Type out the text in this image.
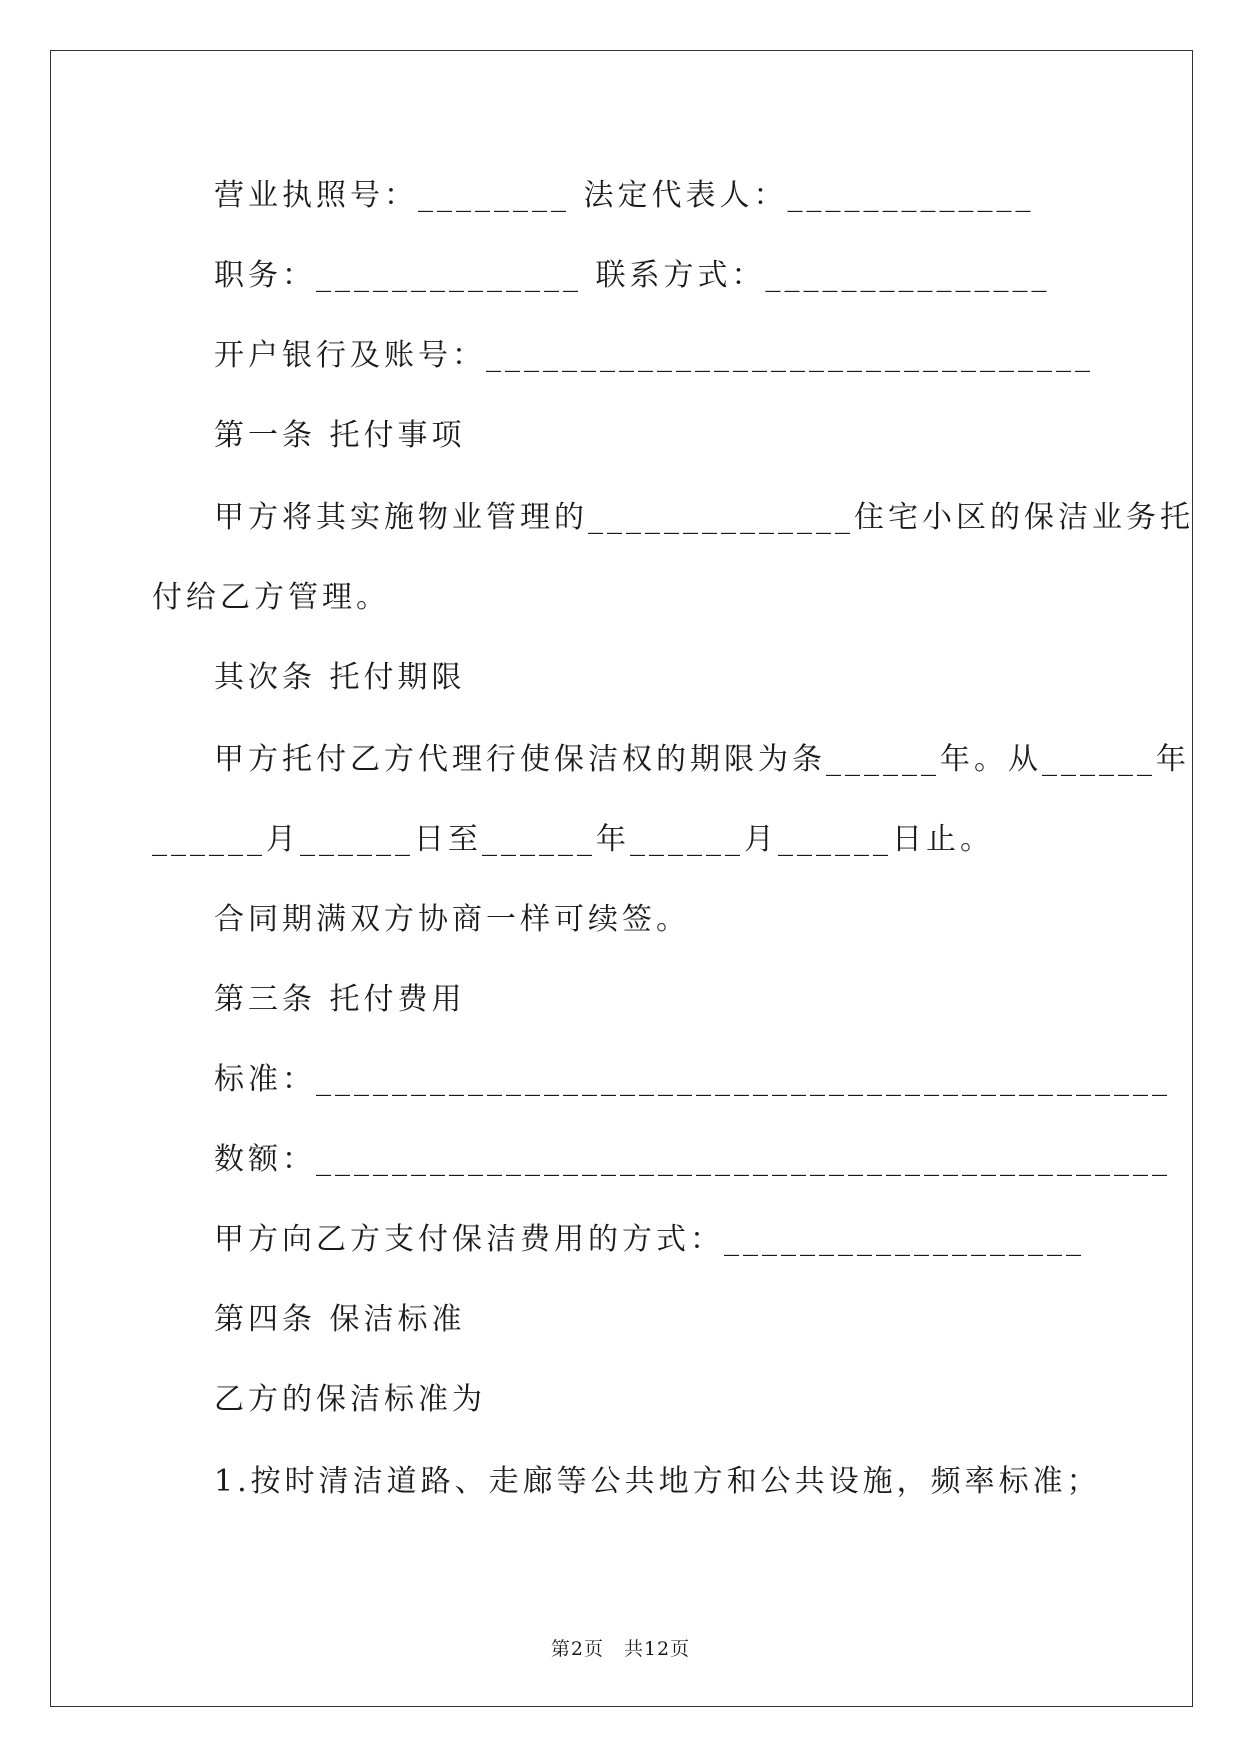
营业执照号：________ 法定代表人：_____________
职务：______________ 联系方式：_______________
开户银行及账号：________________________________
第一条 托付事项
甲方将其实施物业管理的______________住宅小区的保洁业务托
付给乙方管理。
其次条 托付期限
甲方托付乙方代理行使保洁权的期限为条______年。从______年
______月______日至______年______月______日止。
合同期满双方协商一样可续签。
第三条 托付费用
标准：_____________________________________________
数额：_____________________________________________
甲方向乙方支付保洁费用的方式：___________________
第四条 保洁标准
乙方的保洁标准为
1.按时清洁道路、走廊等公共地方和公共设施，频率标准；
第2页　共12页
